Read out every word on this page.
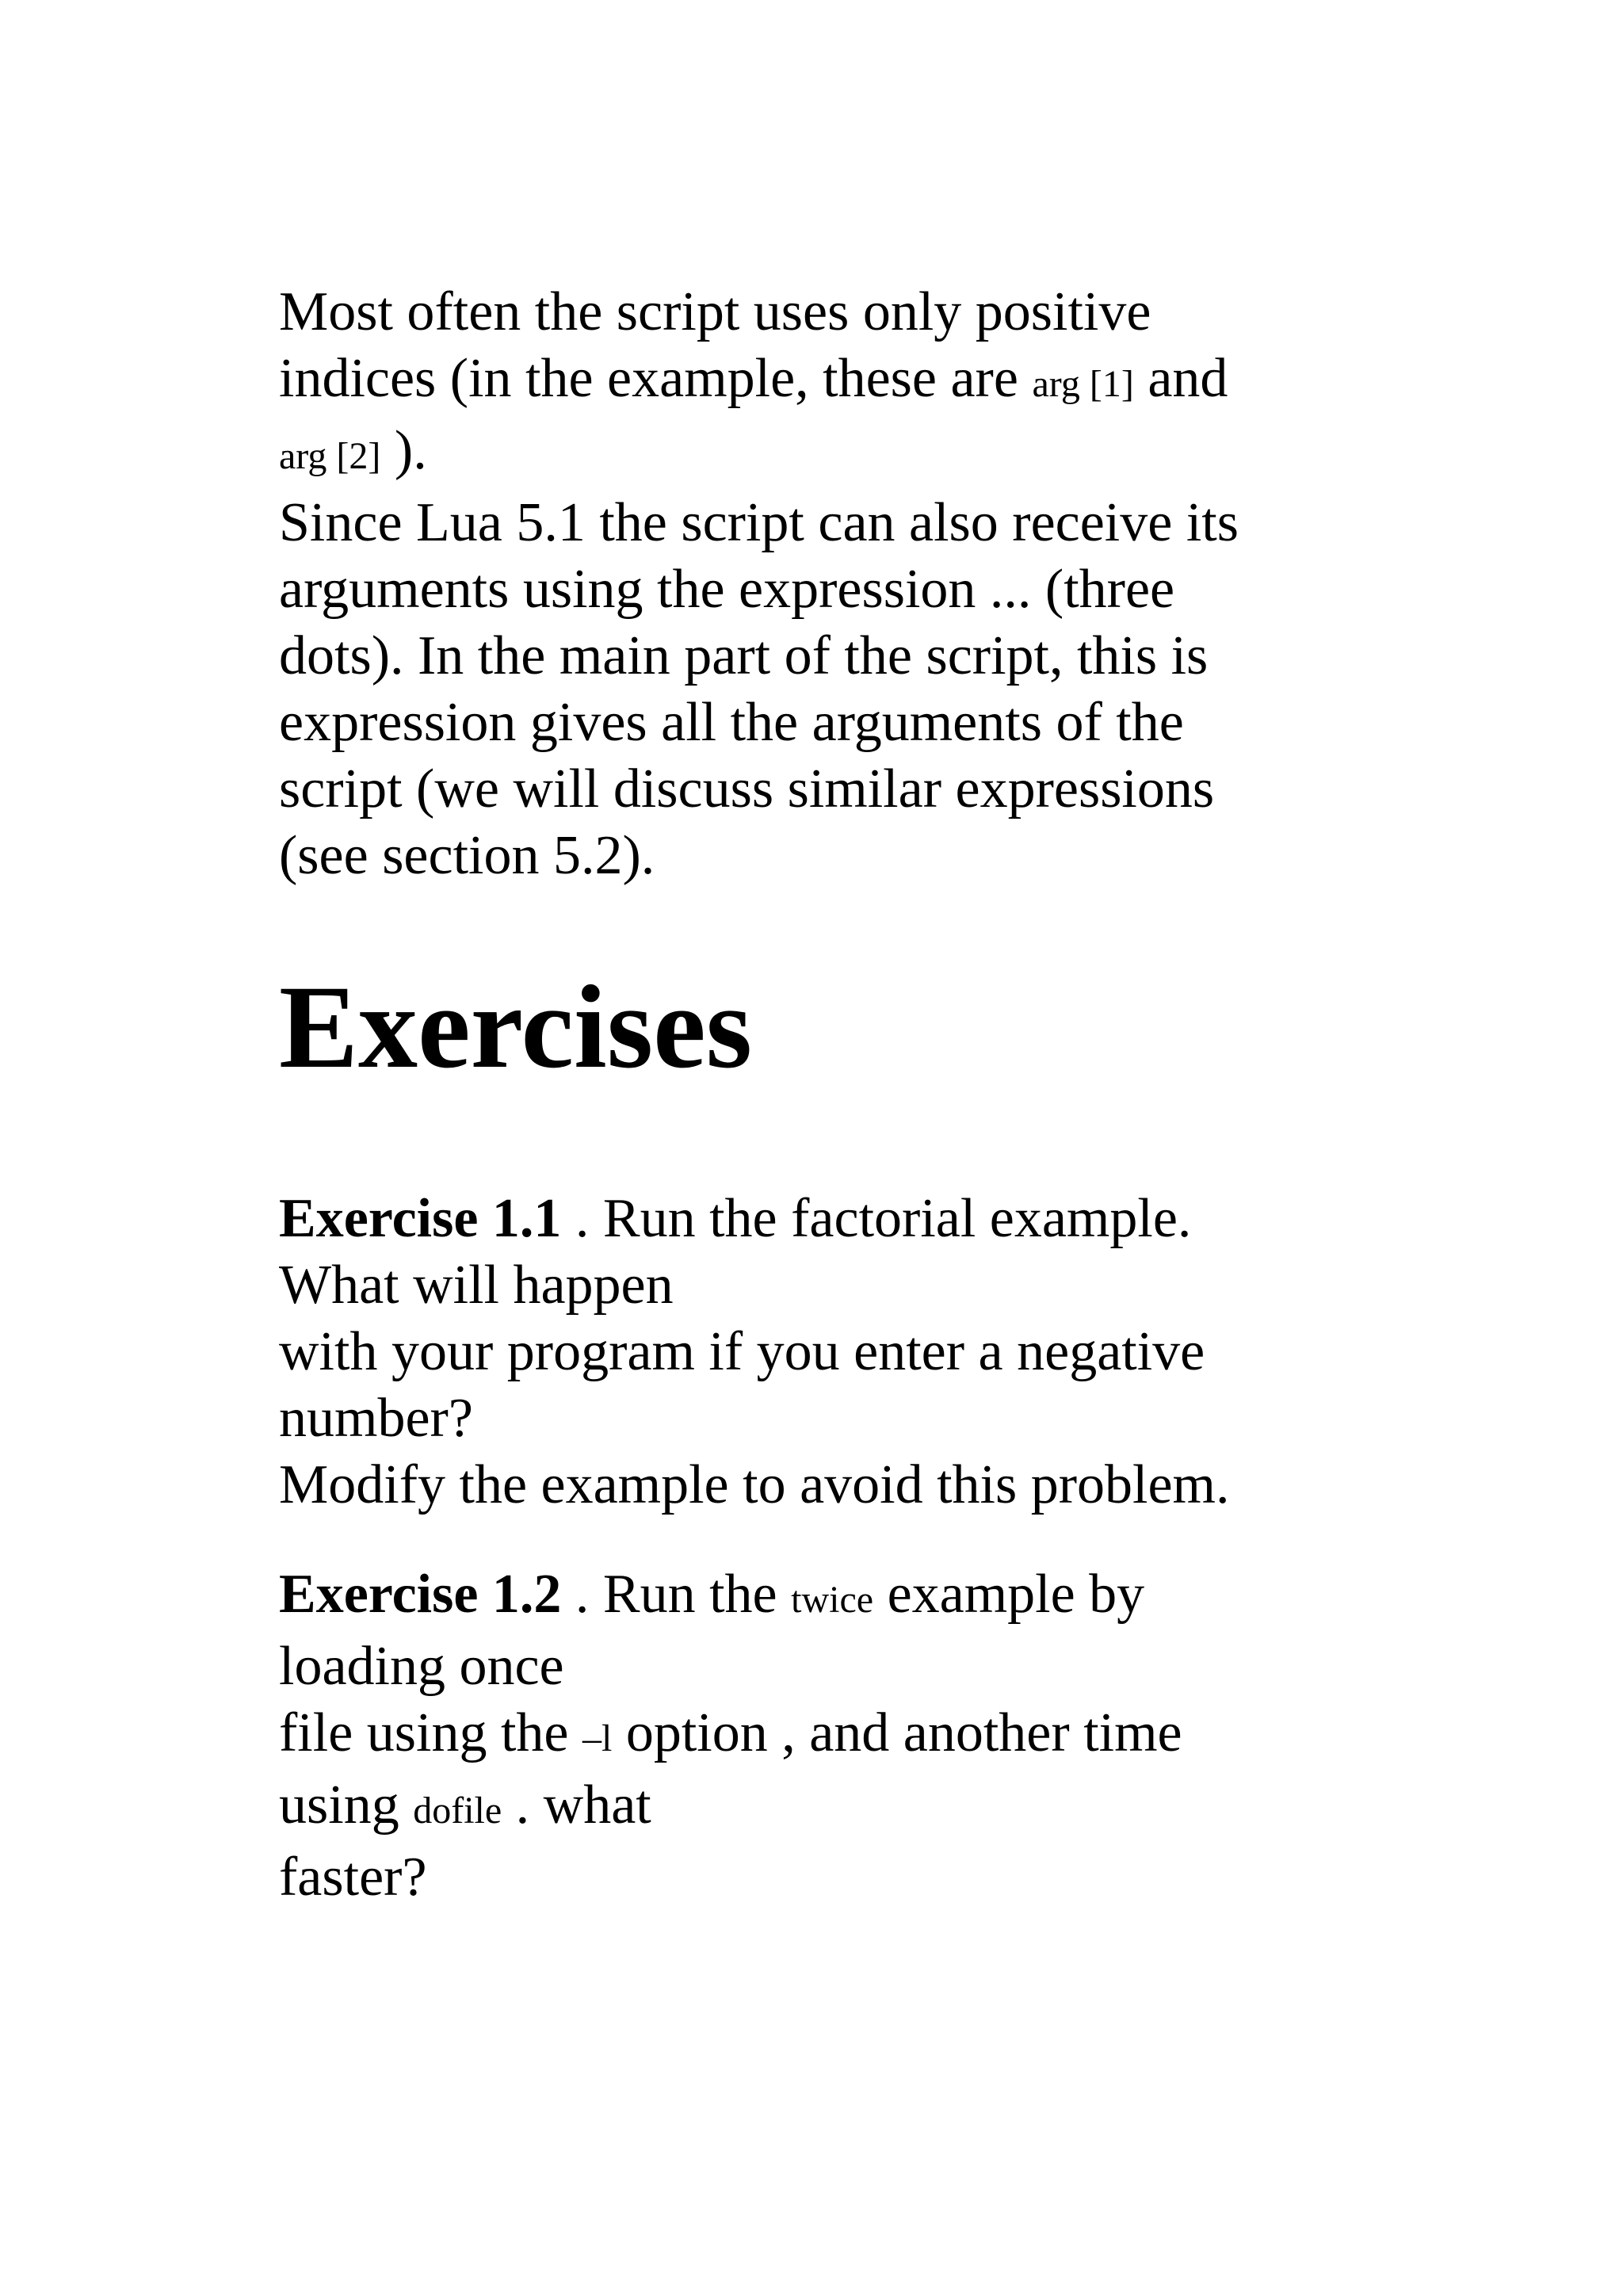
Most often the script uses only positive
indices (in the example, these are arg [1] and
arg [2] ).

Since Lua 5.1 the script can also receive its
arguments using the expression ... (three
dots). In the main part of the script, this is
expression gives all the arguments of the
script (we will discuss similar expressions
(see section 5.2).

Exercises

Exercise 1.1 . Run the factorial example.
What will happen
with your program if you enter a negative
number?
Modify the example to avoid this problem.

Exercise 1.2 . Run the twice example by
loading once
file using the –l option , and another time
using dofile . what
faster?
